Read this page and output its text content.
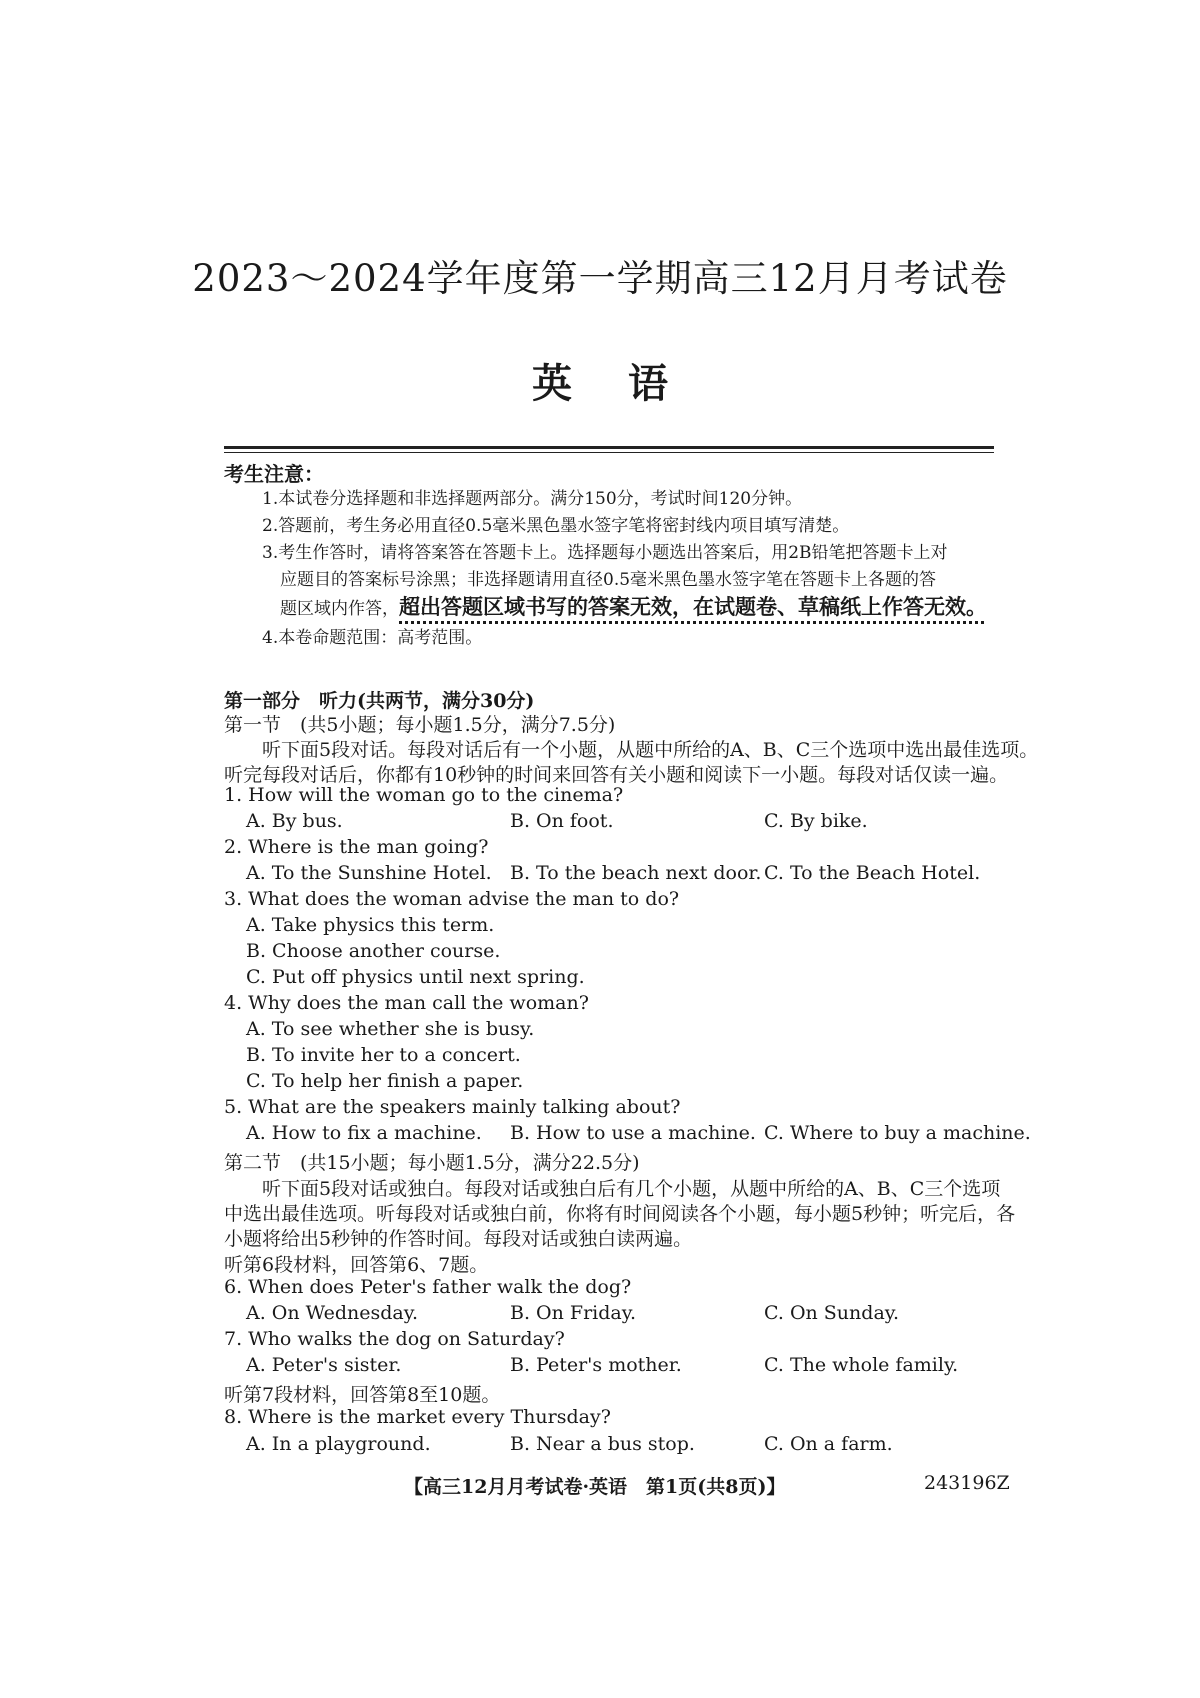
2023～2024学年度第一学期高三12月月考试卷
英语
考生注意：
1.本试卷分选择题和非选择题两部分。满分150分，考试时间120分钟。
2.答题前，考生务必用直径0.5毫米黑色墨水签字笔将密封线内项目填写清楚。
3.考生作答时，请将答案答在答题卡上。选择题每小题选出答案后，用2B铅笔把答题卡上对
应题目的答案标号涂黑；非选择题请用直径0.5毫米黑色墨水签字笔在答题卡上各题的答
题区域内作答，超出答题区域书写的答案无效，在试题卷、草稿纸上作答无效。
4.本卷命题范围：高考范围。
第一部分　听力(共两节，满分30分)
第一节　(共5小题；每小题1.5分，满分7.5分)
听下面5段对话。每段对话后有一个小题，从题中所给的A、B、C三个选项中选出最佳选项。
听完每段对话后，你都有10秒钟的时间来回答有关小题和阅读下一小题。每段对话仅读一遍。
1. How will the woman go to the cinema?
A. By bus.	B. On foot.	C. By bike.
2. Where is the man going?
A. To the Sunshine Hotel. B. To the beach next door. C. To the Beach Hotel.
3. What does the woman advise the man to do?
A. Take physics this term.
B. Choose another course.
C. Put off physics until next spring.
4. Why does the man call the woman?
A. To see whether she is busy.
B. To invite her to a concert.
C. To help her finish a paper.
5. What are the speakers mainly talking about?
A. How to fix a machine. B. How to use a machine. C. Where to buy a machine.
第二节　(共15小题；每小题1.5分，满分22.5分)
听下面5段对话或独白。每段对话或独白后有几个小题，从题中所给的A、B、C三个选项
中选出最佳选项。听每段对话或独白前，你将有时间阅读各个小题，每小题5秒钟；听完后，各
小题将给出5秒钟的作答时间。每段对话或独白读两遍。
听第6段材料，回答第6、7题。
6. When does Peter's father walk the dog?
A. On Wednesday.	B. On Friday.	C. On Sunday.
7. Who walks the dog on Saturday?
A. Peter's sister.	B. Peter's mother.	C. The whole family.
听第7段材料，回答第8至10题。
8. Where is the market every Thursday?
A. In a playground.	B. Near a bus stop.	C. On a farm.
【高三12月月考试卷·英语　第1页(共8页)】	243196Z
